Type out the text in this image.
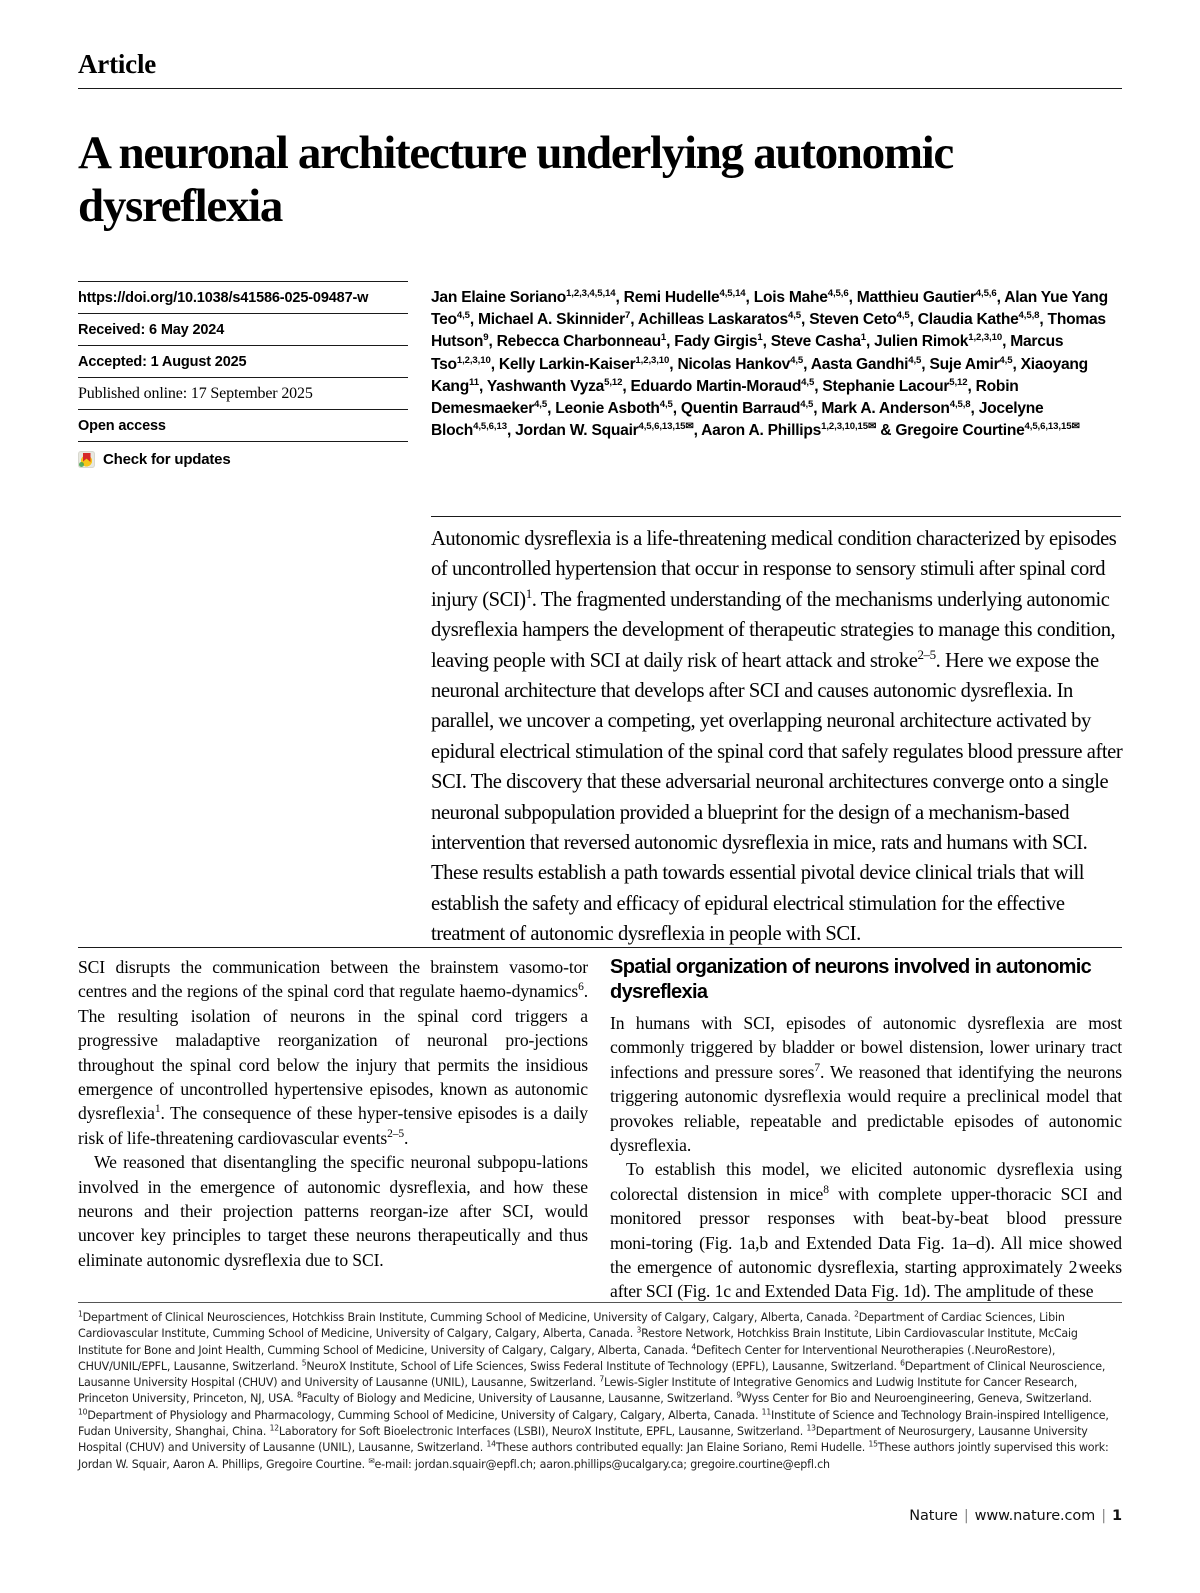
Article
A neuronal architecture underlying autonomic dysreflexia
https://doi.org/10.1038/s41586-025-09487-w
Received: 6 May 2024
Accepted: 1 August 2025
Published online: 17 September 2025
Open access
Check for updates
Jan Elaine Soriano$^{1,2,3,4,5,14}$, Remi Hudelle$^{4,5,14}$, Lois Mahe$^{4,5,6}$, Matthieu Gautier$^{4,5,6}$, Alan Yue Yang Teo$^{4,5}$, Michael A. Skinnider$^7$, Achilleas Laskaratos$^{4,5}$, Steven Ceto$^{4,5}$, Claudia Kathe$^{4,5,8}$, Thomas Hutson$^9$, Rebecca Charbonneau$^1$, Fady Girgis$^1$, Steve Casha$^1$, Julien Rimok$^{1,2,3,10}$, Marcus Tso$^{1,2,3,10}$, Kelly Larkin-Kaiser$^{1,2,3,10}$, Nicolas Hankov$^{4,5}$, Aasta Gandhi$^{4,5}$, Suje Amir$^{4,5}$, Xiaoyang Kang$^{11}$, Yashwanth Vyza$^{5,12}$, Eduardo Martin-Moraud$^{4,5}$, Stephanie Lacour$^{5,12}$, Robin Demesmaeker$^{4,5}$, Leonie Asboth$^{4,5}$, Quentin Barraud$^{4,5}$, Mark A. Anderson$^{4,5,8}$, Jocelyne Bloch$^{4,5,6,13}$, Jordan W. Squair$^{4,5,6,13,15✉}$, Aaron A. Phillips$^{1,2,3,10,15✉}$ & Gregoire Courtine$^{4,5,6,13,15✉}$
Autonomic dysreflexia is a life-threatening medical condition characterized by episodes of uncontrolled hypertension that occur in response to sensory stimuli after spinal cord injury (SCI)$^1$. The fragmented understanding of the mechanisms underlying autonomic dysreflexia hampers the development of therapeutic strategies to manage this condition, leaving people with SCI at daily risk of heart attack and stroke$^{2-5}$. Here we expose the neuronal architecture that develops after SCI and causes autonomic dysreflexia. In parallel, we uncover a competing, yet overlapping neuronal architecture activated by epidural electrical stimulation of the spinal cord that safely regulates blood pressure after SCI. The discovery that these adversarial neuronal architectures converge onto a single neuronal subpopulation provided a blueprint for the design of a mechanism-based intervention that reversed autonomic dysreflexia in mice, rats and humans with SCI. These results establish a path towards essential pivotal device clinical trials that will establish the safety and efficacy of epidural electrical stimulation for the effective treatment of autonomic dysreflexia in people with SCI.

SCI disrupts the communication between the brainstem vasomo‑tor centres and the regions of the spinal cord that regulate haemo‑dynamics$^6$. The resulting isolation of neurons in the spinal cord triggers a progressive maladaptive reorganization of neuronal pro‑jections throughout the spinal cord below the injury that permits the insidious emergence of uncontrolled hypertensive episodes, known as autonomic dysreflexia$^1$. The consequence of these hyper‑tensive episodes is a daily risk of life-threatening cardiovascular events$^{2-5}$.

We reasoned that disentangling the specific neuronal subpopu‑lations involved in the emergence of autonomic dysreflexia, and how these neurons and their projection patterns reorgan‑ize after SCI, would uncover key principles to target these neurons therapeutically and thus eliminate autonomic dysreflexia due to SCI.

Spatial organization of neurons involved in autonomic dysreflexia

In humans with SCI, episodes of autonomic dysreflexia are most commonly triggered by bladder or bowel distension, lower urinary tract infections and pressure sores$^7$. We reasoned that identifying the neurons triggering autonomic dysreflexia would require a preclinical model that provokes reliable, repeatable and predictable episodes of autonomic dysreflexia.

To establish this model, we elicited autonomic dysreflexia using colorectal distension in mice$^8$ with complete upper-thoracic SCI and monitored pressor responses with beat-by-beat blood pressure moni‑toring (Fig. 1a,b and Extended Data Fig. 1a–d). All mice showed the emergence of autonomic dysreflexia, starting approximately 2 weeks after SCI (Fig. 1c and Extended Data Fig. 1d). The amplitude of these

$^1$Department of Clinical Neurosciences, Hotchkiss Brain Institute, Cumming School of Medicine, University of Calgary, Calgary, Alberta, Canada. $^2$Department of Cardiac Sciences, Libin Cardiovascular Institute, Cumming School of Medicine, University of Calgary, Calgary, Alberta, Canada. $^3$Restore Network, Hotchkiss Brain Institute, Libin Cardiovascular Institute, McCaig Institute for Bone and Joint Health, Cumming School of Medicine, University of Calgary, Calgary, Alberta, Canada. $^4$Defitech Center for Interventional Neurotherapies (.NeuroRestore), CHUV/UNIL/EPFL, Lausanne, Switzerland. $^5$NeuroX Institute, School of Life Sciences, Swiss Federal Institute of Technology (EPFL), Lausanne, Switzerland. $^6$Department of Clinical Neuroscience, Lausanne University Hospital (CHUV) and University of Lausanne (UNIL), Lausanne, Switzerland. $^7$Lewis-Sigler Institute of Integrative Genomics and Ludwig Institute for Cancer Research, Princeton University, Princeton, NJ, USA. $^8$Faculty of Biology and Medicine, University of Lausanne, Lausanne, Switzerland. $^9$Wyss Center for Bio and Neuroengineering, Geneva, Switzerland. $^{10}$Department of Physiology and Pharmacology, Cumming School of Medicine, University of Calgary, Calgary, Alberta, Canada. $^{11}$Institute of Science and Technology Brain-inspired Intelligence, Fudan University, Shanghai, China. $^{12}$Laboratory for Soft Bioelectronic Interfaces (LSBI), NeuroX Institute, EPFL, Lausanne, Switzerland. $^{13}$Department of Neurosurgery, Lausanne University Hospital (CHUV) and University of Lausanne (UNIL), Lausanne, Switzerland. $^{14}$These authors contributed equally: Jan Elaine Soriano, Remi Hudelle. $^{15}$These authors jointly supervised this work: Jordan W. Squair, Aaron A. Phillips, Gregoire Courtine. ✉e-mail: jordan.squair@epfl.ch; aaron.phillips@ucalgary.ca; gregoire.courtine@epfl.ch
Nature | www.nature.com | 1
